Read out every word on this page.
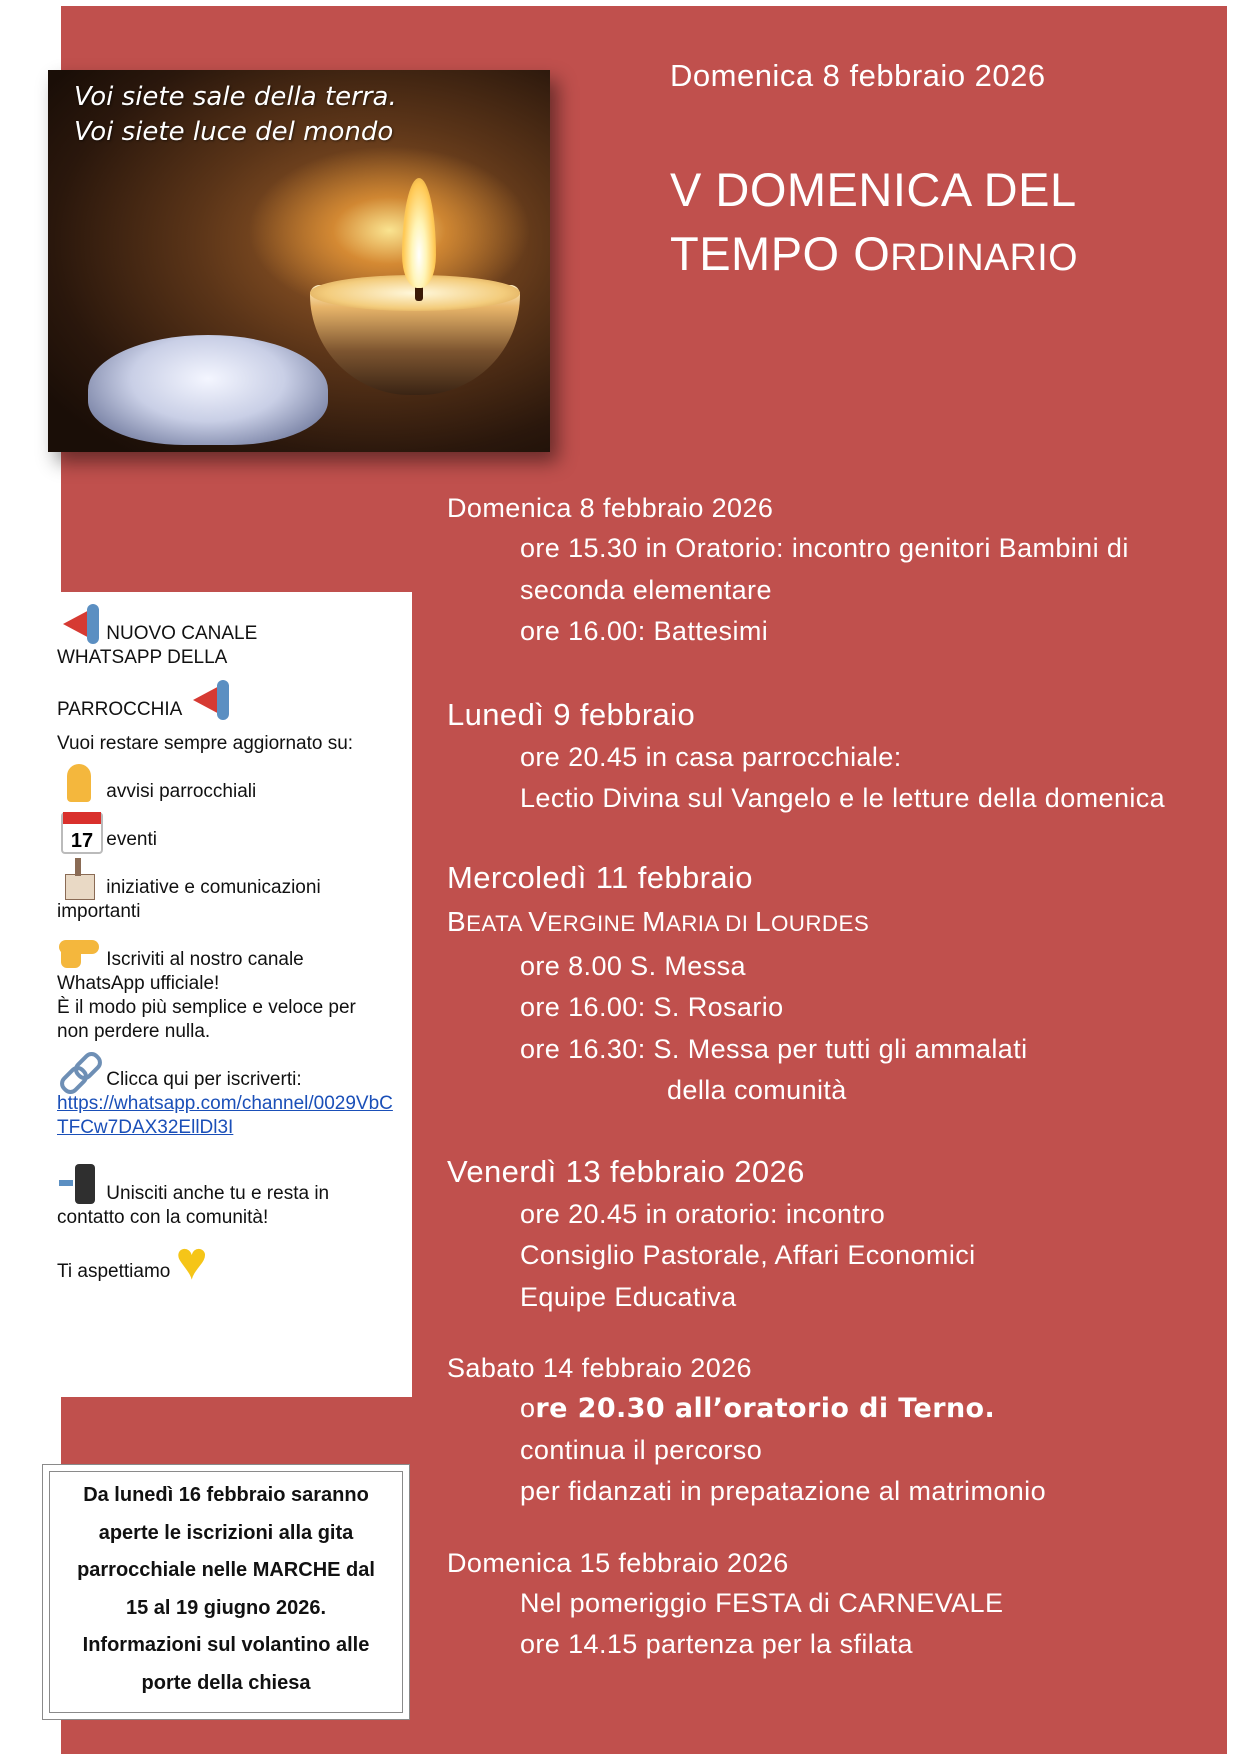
Voi siete sale della terra.
Voi siete luce del mondo
Domenica 8 febbraio 2026
V DOMENICA DEL
TEMPO ORDINARIO
Domenica 8 febbraio 2026
ore 15.30 in Oratorio: incontro genitori Bambini di
seconda elementare
ore 16.00: Battesimi
Lunedì 9 febbraio
ore 20.45 in casa parrocchiale:
Lectio Divina sul Vangelo e le letture della domenica
Mercoledì 11 febbraio
BEATA VERGINE MARIA DI LOURDES
ore 8.00 S. Messa
ore 16.00: S. Rosario
ore 16.30: S. Messa per tutti gli ammalati
della comunità
Venerdì 13 febbraio 2026
ore 20.45 in oratorio: incontro
Consiglio Pastorale, Affari Economici
Equipe Educativa
Sabato 14 febbraio 2026
ore 20.30 all’oratorio di Terno.
continua il percorso
per fidanzati in prepatazione al matrimonio
Domenica 15 febbraio 2026
Nel pomeriggio FESTA di CARNEVALE
ore 14.15 partenza per la sfilata

NUOVO CANALE

WHATSAPP DELLA

PARROCCHIA

Vuoi restare sempre aggiornato su:

avvisi parrocchiali

17 eventi

iniziative e comunicazioni

importanti

Iscriviti al nostro canale

WhatsApp ufficiale!

È il modo più semplice e veloce per

non perdere nulla.

Clicca qui per iscriverti:

https://whatsapp.com/channel/0029VbCTFCw7DAX32EllDl3I

Unisciti anche tu e resta in

contatto con la comunità!

Ti aspettiamo ♥

Da lunedì 16 febbraio saranno
aperte le iscrizioni alla gita
parrocchiale nelle MARCHE dal
15 al 19 giugno 2026.
Informazioni sul volantino alle
porte della chiesa
